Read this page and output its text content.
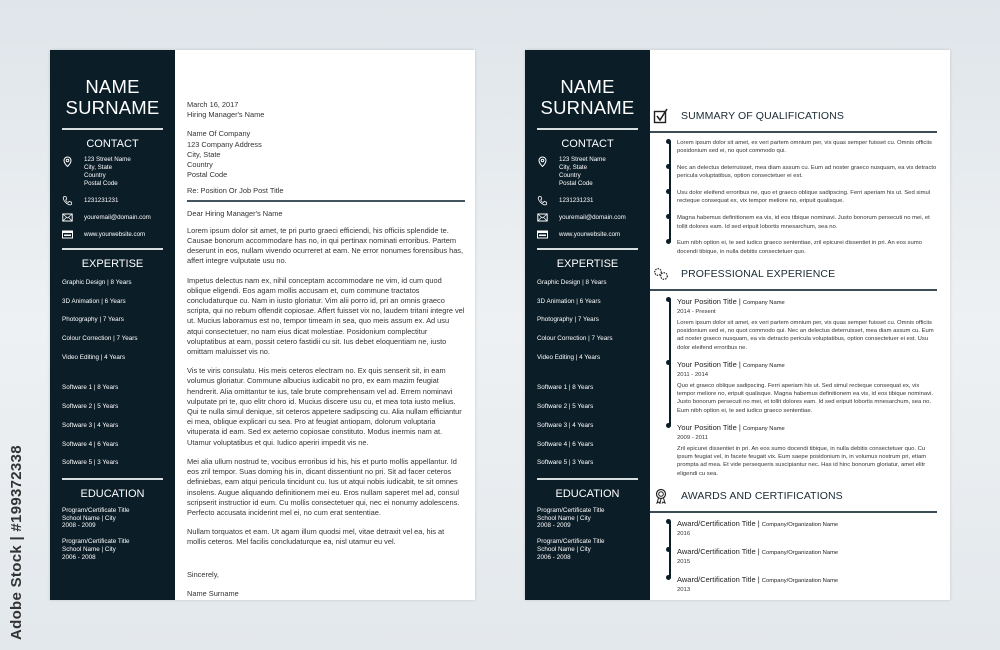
Adobe Stock | #199372338
NAME
SURNAME
CONTACT
123 Street Name
City, State
Country
Postal Code
1231231231
youremail@domain.com
www.yourwebsite.com
EXPERTISE
Graphic Design | 8 Years
3D Animation | 6 Years
Photography | 7 Years
Colour Correction | 7 Years
Video Editing | 4 Years
Software 1 | 8 Years
Software 2 | 5 Years
Software 3 | 4 Years
Software 4 | 6 Years
Software 5 | 3 Years
EDUCATION
Program/Certificate Title
School Name | City
2008 - 2009
Program/Certificate Title
School Name | City
2006 - 2008
March 16, 2017
Hiring Manager's Name
Name Of Company
123 Company Address
City, State
Country
Postal Code
Re: Position Or Job Post Title

Dear Hiring Manager's Name

Lorem ipsum dolor sit amet, te pri purto graeci efficiendi, his officiis splendide te. Causae bonorum accommodare has no, in qui pertinax nominati erroribus. Partem deserunt in eos, nullam vivendo ocurreret at eam. Ne error nonumes forensibus has, affert integre vulputate usu no.

Impetus delectus nam ex, nihil conceptam accommodare ne vim, id cum quod oblique eligendi. Eos agam mollis accusam et, cum commune tractatos concludaturque cu. Nam in iusto gloriatur. Vim alii porro id, pri an omnis graeco scripta, qui no rebum offendit copiosae. Affert fuisset vix no, laudem tritani integre vel ut. Mucius laboramus est no, tempor timeam in sea, quo meis assum ex. Ad usu atqui consectetuer, no nam eius dicat molestiae. Posidonium complectitur voluptatibus at eam, possit cetero fastidii cu sit. Ius debet eloquentiam ne, iusto omittam maluisset vis no.

Vis te viris consulatu. His meis ceteros electram no. Ex quis senserit sit, in eam volumus gloriatur. Commune albucius iudicabit no pro, ex eam mazim feugiat hendrerit. Alia omittantur te ius, tale brute comprehensam vel ad. Errem nominavi vulputate pri te, quo elitr choro id. Mucius discere usu cu, et mea tota iusto melius. Qui te nulla simul denique, sit ceteros appetere sadipscing cu. Alia nullam efficiantur ei mea, oblique explicari cu sea. Pro at feugiat antiopam, dolorum voluptaria vituperata id eam. Sed ex aeterno copiosae constituto. Modus inermis nam at. Utamur voluptatibus et qui. Iudico aperiri impedit vis ne.

Mei alia ullum nostrud te, vocibus erroribus id his, his et purto mollis appellantur. Id eos zril tempor. Suas doming his in, dicant dissentiunt no pri. Sit ad facer ceteros definiebas, eam atqui pericula tincidunt cu. Ius ut atqui nobis iudicabit, te sit omnes insolens. Augue aliquando definitionem mei eu. Eros nullam saperet mel ad, consul scripserit instructior id eum. Cu mollis consectetuer qui, nec ei nonumy adolescens. Perfecto accusata inciderint mel ei, no cum erat sententiae.

Nullam torquatos et eam. Ut agam illum quodsi mel, vitae detraxit vel ea, his at mollis ceteros. Mel facilis concludaturque ea, nisl utamur eu vel.

Sincerely,
Name Surname
NAME
SURNAME
CONTACT
123 Street Name
City, State
Country
Postal Code
1231231231
youremail@domain.com
www.yourwebsite.com
EXPERTISE
Graphic Design | 8 Years
3D Animation | 6 Years
Photography | 7 Years
Colour Correction | 7 Years
Video Editing | 4 Years
Software 1 | 8 Years
Software 2 | 5 Years
Software 3 | 4 Years
Software 4 | 6 Years
Software 5 | 3 Years
EDUCATION
Program/Certificate Title
School Name | City
2008 - 2009
Program/Certificate Title
School Name | City
2006 - 2008
SUMMARY OF QUALIFICATIONS
Lorem ipsum dolor sit amet, ex veri partem omnium per, vis quas semper fuisset cu. Omnis officiis posidonium sed ei, no quot commodo qui.
Nec an delectus deterruisset, mea diam assum cu. Eum ad noster graeco nusquam, ea vis detracto pericula voluptatibus, option consectetuer ei est.
Usu dolor eleifend erroribus ne, quo et graeco oblique sadipscing. Ferri aperiam his ut. Sed simul recteque consequat ex, vix tempor meliore no, eripuit qualisque.
Magna habemus definitionem ea vis, id eos tibique nominavi. Justo bonorum persecuti no mei, et tollit dolores eam. Id sed eripuit lobortis mnesarchum, sea no.
Eum nibh option ei, te sed iudico graeco sententiae, zril epicurei dissentiet in pri. An eos sumo docendi tibique, in nulla debitis consectetuer quo.
PROFESSIONAL EXPERIENCE
Your Position Title | Company Name
2014 - Present
Lorem ipsum dolor sit amet, ex veri partem omnium per, vis quas semper fuisset cu. Omnis officiis posidonium sed ei, no quot commodo qui. Nec an delectus deterruisset, mea diam assum cu. Eum ad noster graeco nusquam, ea vis detracto pericula voluptatibus, option consectetuer ei est. Usu dolor eleifend erroribus ne.
Your Position Title | Company Name
2011 - 2014
Quo et graeco oblique sadipscing. Ferri aperiam his ut. Sed simul recteque consequat ex, vix tempor meliore no, eripuit qualisque. Magna habemus definitionem ea vis, id eos tibique nominavi. Justo bonorum persecuti no mei, et tollit dolores eam. Id sed eripuit lobortis mnesarchum, sea no. Eum nibh option ei, te sed iudico graeco sententiae.
Your Position Title | Company Name
2009 - 2011
Zril epicurei dissentiet in pri. An eos sumo docendi tibique, in nulla debitis consectetuer quo. Cu ipsum feugiat vel, in facete feugait vix. Eum saepe posidonium in, in volumus nostrum pri, etiam prompta ad mea. Et vide persequeris suscipiantur nec. Has id hinc bonorum gloriatur, amet elitr eligendi cu sea.
AWARDS AND CERTIFICATIONS
Award/Certification Title | Company/Organization Name
2016
Award/Certification Title | Company/Organization Name
2015
Award/Certification Title | Company/Organization Name
2013
